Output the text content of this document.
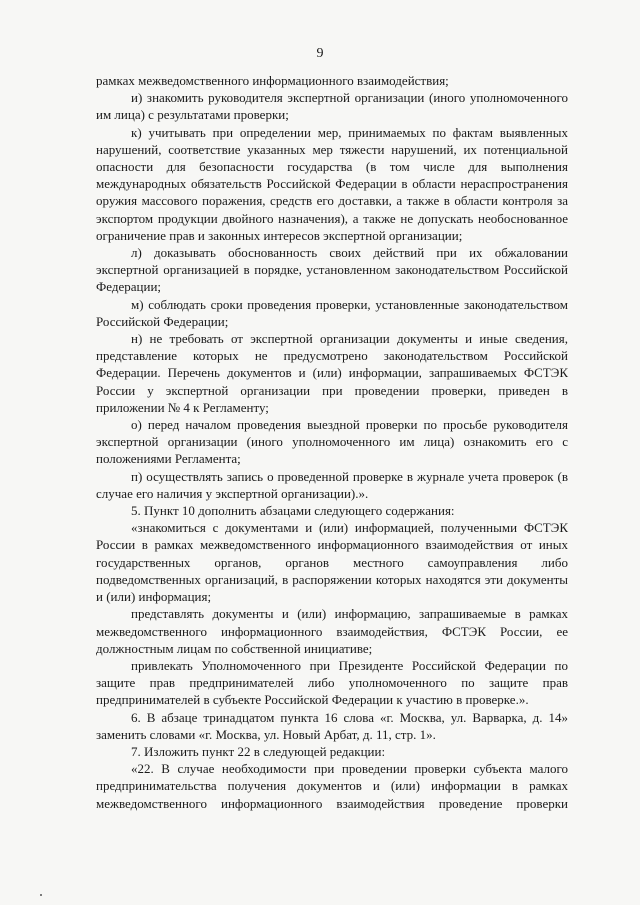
9

рамках межведомственного информационного взаимодействия;

и) знакомить руководителя экспертной организации (иного уполномоченного им лица) с результатами проверки;

к) учитывать при определении мер, принимаемых по фактам выявленных нарушений, соответствие указанных мер тяжести нарушений, их потенциальной опасности для безопасности государства (в том числе для выполнения международных обязательств Российской Федерации в области нераспространения оружия массового поражения, средств его доставки, а также в области контроля за экспортом продукции двойного назначения), а также не допускать необоснованное ограничение прав и законных интересов экспертной организации;

л) доказывать обоснованность своих действий при их обжаловании экспертной организацией в порядке, установленном законодательством Российской Федерации;

м) соблюдать сроки проведения проверки, установленные законодательством Российской Федерации;

н) не требовать от экспертной организации документы и иные сведения, представление которых не предусмотрено законодательством Российской Федерации. Перечень документов и (или) информации, запрашиваемых ФСТЭК России у экспертной организации при проведении проверки, приведен в приложении № 4 к Регламенту;

о) перед началом проведения выездной проверки по просьбе руководителя экспертной организации (иного уполномоченного им лица) ознакомить его с положениями Регламента;

п) осуществлять запись о проведенной проверке в журнале учета проверок (в случае его наличия у экспертной организации).».

5. Пункт 10 дополнить абзацами следующего содержания:

«знакомиться с документами и (или) информацией, полученными ФСТЭК России в рамках межведомственного информационного взаимодействия от иных государственных органов, органов местного самоуправления либо подведомственных организаций, в распоряжении которых находятся эти документы и (или) информация;

представлять документы и (или) информацию, запрашиваемые в рамках межведомственного информационного взаимодействия, ФСТЭК России, ее должностным лицам по собственной инициативе;

привлекать Уполномоченного при Президенте Российской Федерации по защите прав предпринимателей либо уполномоченного по защите прав предпринимателей в субъекте Российской Федерации к участию в проверке.».

6. В абзаце тринадцатом пункта 16 слова «г. Москва, ул. Варварка, д. 14» заменить словами «г. Москва, ул. Новый Арбат, д. 11, стр. 1».

7. Изложить пункт 22 в следующей редакции:

«22. В случае необходимости при проведении проверки субъекта малого предпринимательства получения документов и (или) информации в рамках межведомственного информационного взаимодействия проведение проверки
